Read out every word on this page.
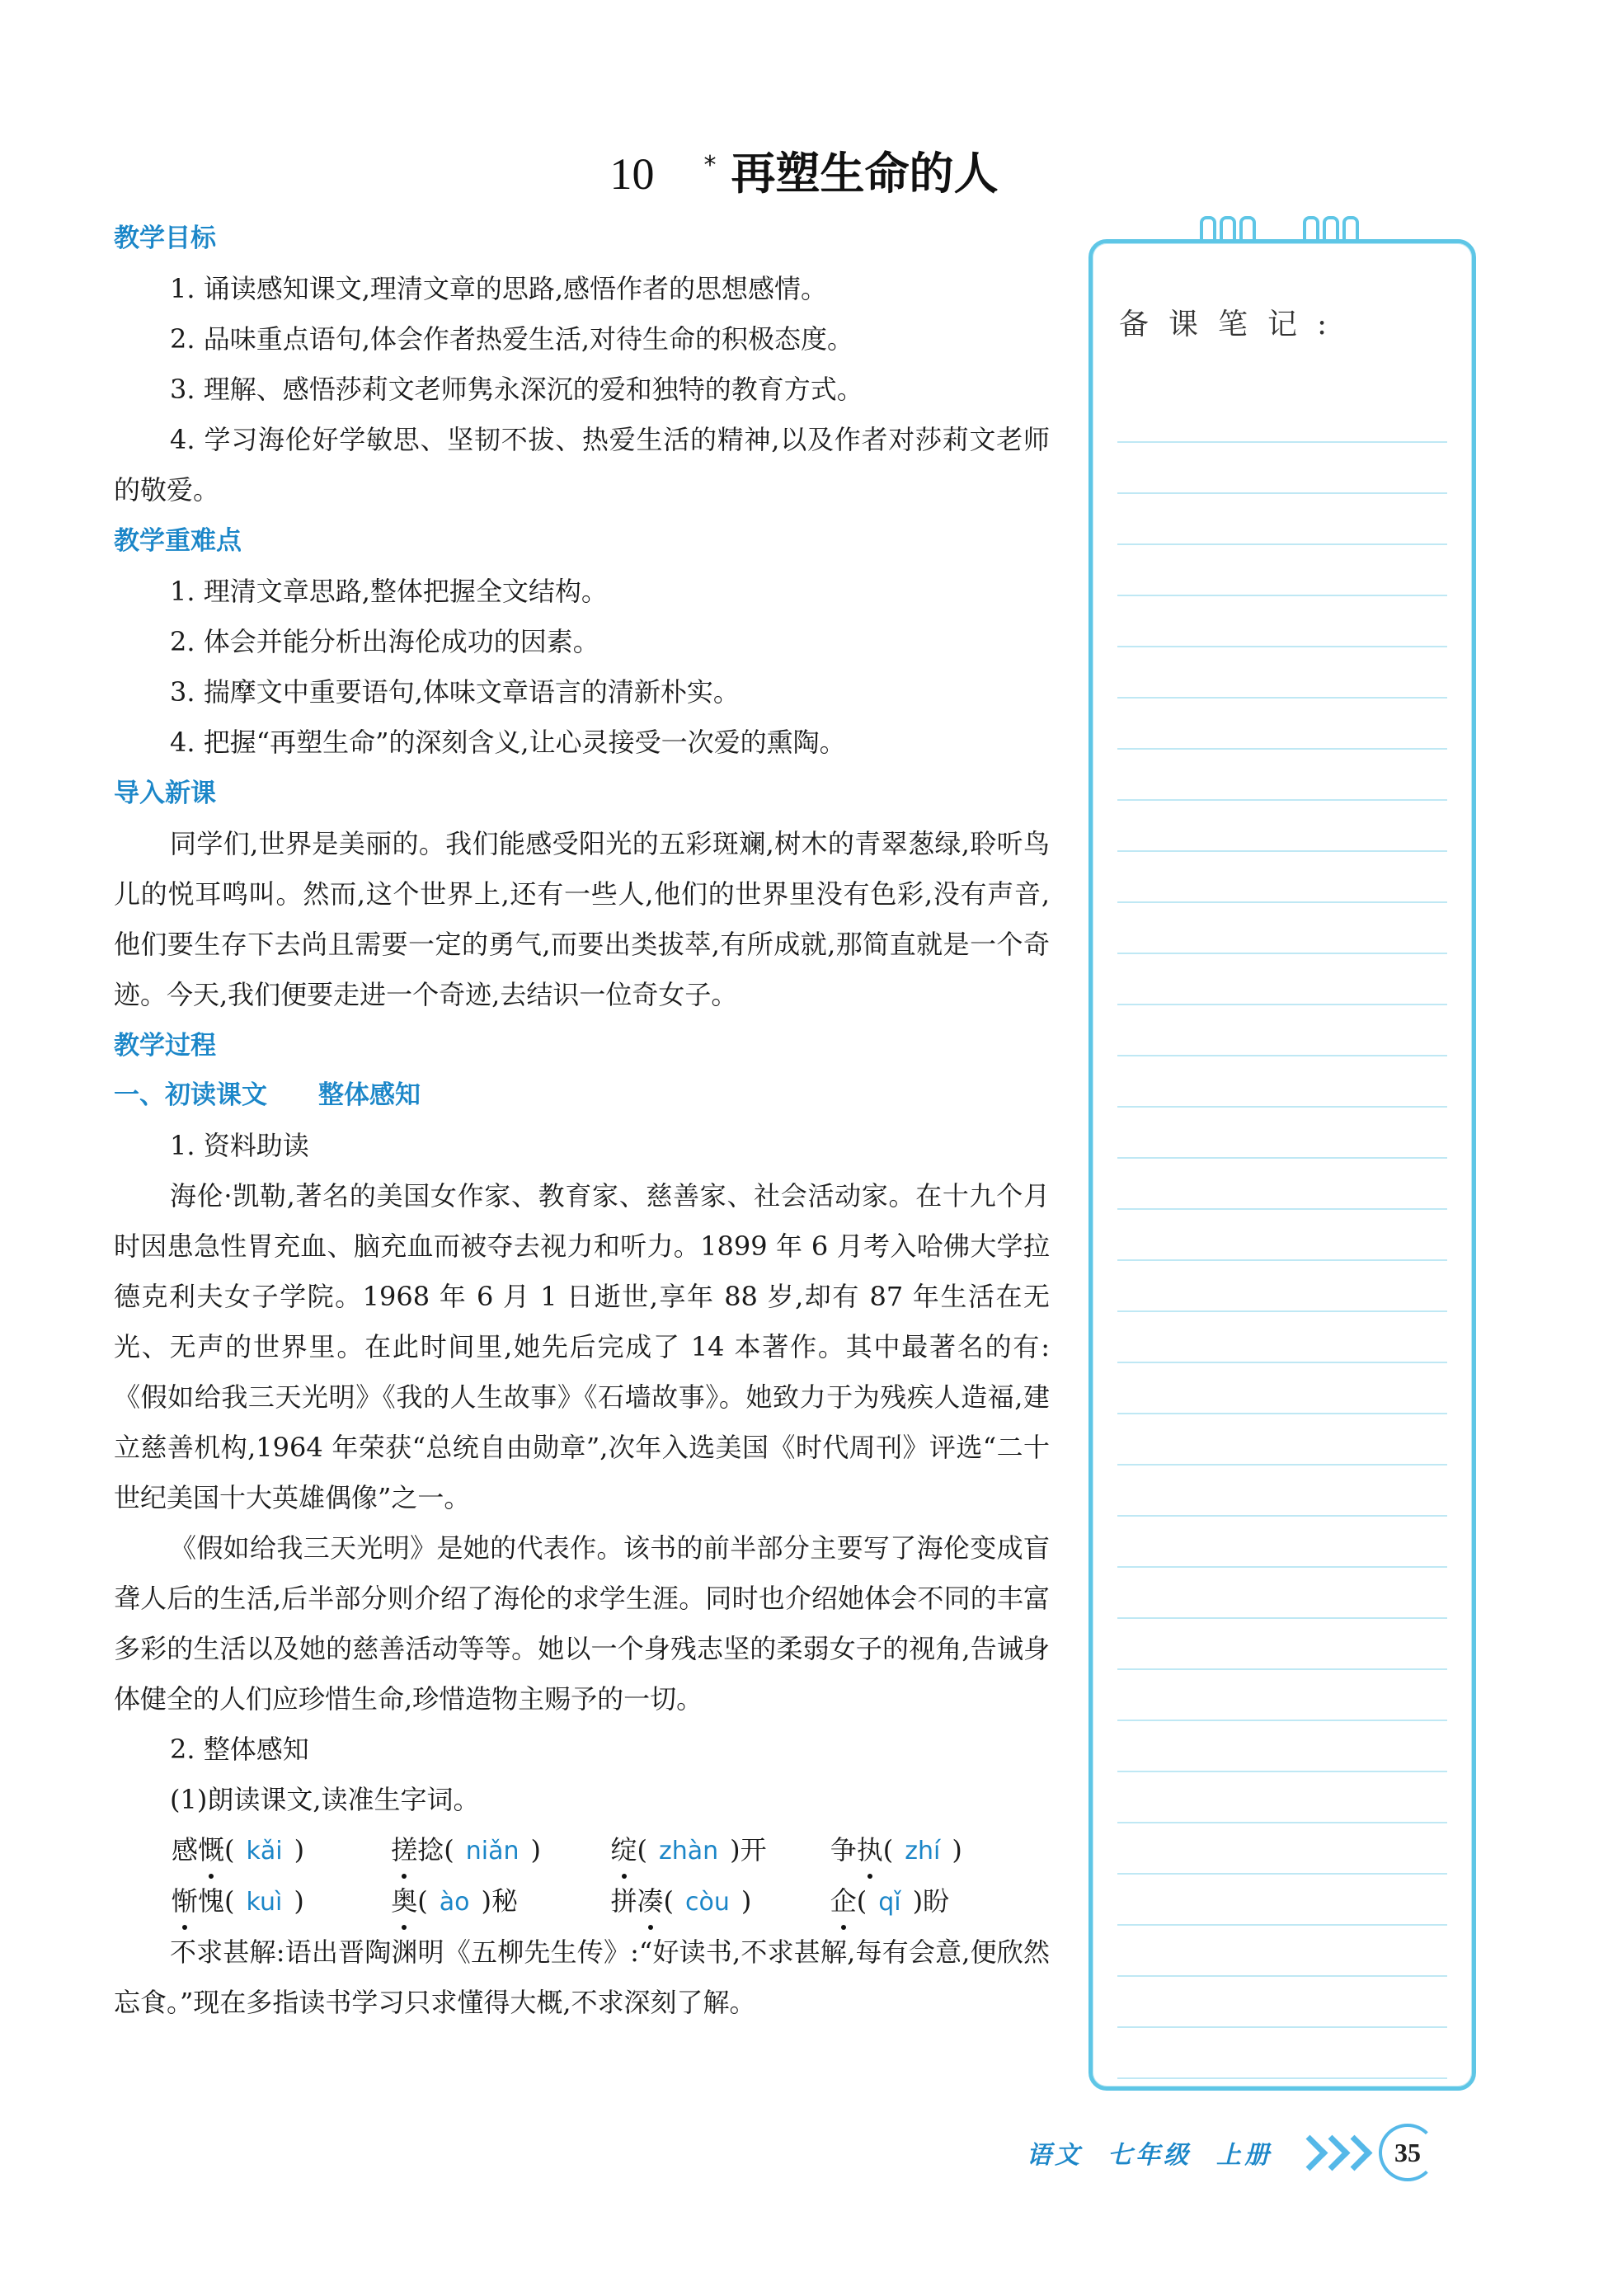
10 * 再塑生命的人
教学目标

1. 诵读感知课文,理清文章的思路,感悟作者的思想感情。

2. 品味重点语句,体会作者热爱生活,对待生命的积极态度。

3. 理解、感悟莎莉文老师隽永深沉的爱和独特的教育方式。

4. 学习海伦好学敏思、坚韧不拔、热爱生活的精神,以及作者对莎莉文老师的敬爱。

教学重难点

1. 理清文章思路,整体把握全文结构。

2. 体会并能分析出海伦成功的因素。

3. 揣摩文中重要语句,体味文章语言的清新朴实。

4. 把握“再塑生命”的深刻含义,让心灵接受一次爱的熏陶。

导入新课

同学们,世界是美丽的。我们能感受阳光的五彩斑斓,树木的青翠葱绿,聆听鸟儿的悦耳鸣叫。然而,这个世界上,还有一些人,他们的世界里没有色彩,没有声音,他们要生存下去尚且需要一定的勇气,而要出类拔萃,有所成就,那简直就是一个奇迹。今天,我们便要走进一个奇迹,去结识一位奇女子。

教学过程
一、初读课文　　整体感知

1. 资料助读

海伦·凯勒,著名的美国女作家、教育家、慈善家、社会活动家。在十九个月时因患急性胃充血、脑充血而被夺去视力和听力。1899 年 6 月考入哈佛大学拉德克利夫女子学院。1968 年 6 月 1 日逝世,享年 88 岁,却有 87 年生活在无光、无声的世界里。在此时间里,她先后完成了 14 本著作。其中最著名的有:《假如给我三天光明》《我的人生故事》《石墙故事》。她致力于为残疾人造福,建立慈善机构,1964 年荣获“总统自由勋章”,次年入选美国《时代周刊》评选“二十世纪美国十大英雄偶像”之一。

《假如给我三天光明》是她的代表作。该书的前半部分主要写了海伦变成盲聋人后的生活,后半部分则介绍了海伦的求学生涯。同时也介绍她体会不同的丰富多彩的生活以及她的慈善活动等等。她以一个身残志坚的柔弱女子的视角,告诫身体健全的人们应珍惜生命,珍惜造物主赐予的一切。

2. 整体感知

(1)朗读课文,读准生字词。

感慨( kǎi )	搓捻( niǎn )	绽( zhàn )开	争执( zhí )
惭愧( kuì )	奥( ào )秘	拼凑( còu )	企( qǐ )盼

不求甚解:语出晋陶渊明《五柳先生传》:“好读书,不求甚解,每有会意,便欣然忘食。”现在多指读书学习只求懂得大概,不求深刻了解。

备课笔记:
语文 七年级 上册	35
